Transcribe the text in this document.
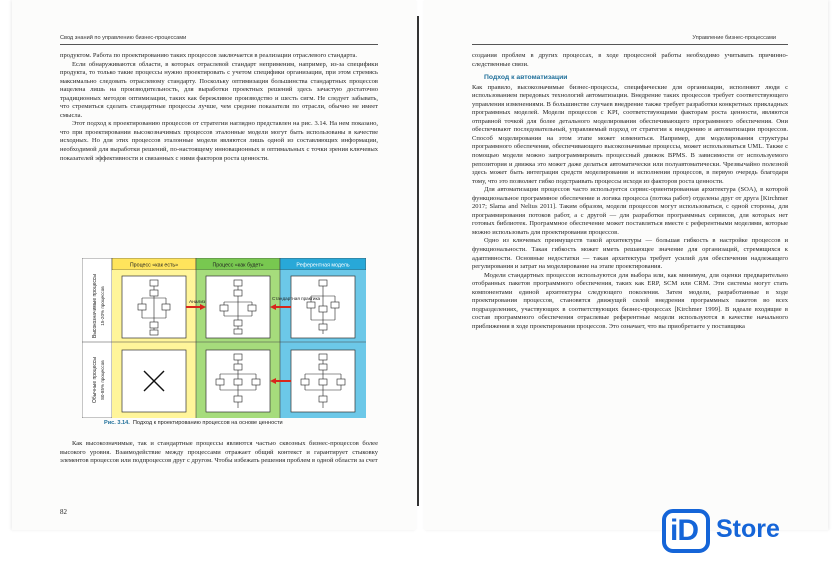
Свод знаний по управлению бизнес-процессами

продуктом. Работа по проектированию таких процессов заключается в реализации отраслевого стандарта.

Если обнаруживаются области, в которых отраслевой стандарт неприменим, например, из-за специфики продукта, то только такие процессы нужно проектировать с учетом специфики организации, при этом стремясь максимально следовать отраслевому стандарту. Поскольку оптимизация большинства стандартных процессов нацелена лишь на производительность, для выработки проектных решений здесь зачастую достаточно традиционных методов оптимизации, таких как бережливое производство и шесть сигм. Не следует забывать, что стремиться сделать стандартные процессы лучше, чем средние показатели по отрасли, обычно не имеет смысла.

Этот подход к проектированию процессов от стратегии наглядно представлен на рис. 3.14. На нем показано, что при проектировании высокозначимых процессов эталонные модели могут быть использованы в качестве исходных. Но для этих процессов эталонные модели являются лишь одной из составляющих информации, необходимой для выработки решений, по-настоящему инновационных и оптимальных с точки зрения ключевых показателей эффективности и связанных с ними факторов роста ценности.

Процесс «как есть»	Процесс «как будет»	Референтная модель
Высокозначимые процессы 15-20% процессов
Обычные процессы 80-85% процессов
Анализ
Стандартная практика
Рис. 3.14. Подход к проектированию процессов на основе ценности

Как высокозначимые, так и стандартные процессы являются частью сквозных бизнес-процессов более высокого уровня. Взаимодействие между процессами отражает общий контекст и гарантирует стыковку элементов процессов или подпроцессов друг с другом. Чтобы избежать решения проблем в одной области за счет

82
Управление бизнес-процессами

создания проблем в других процессах, в ходе процессной работы необходимо учитывать причинно-следственные связи.

Подход к автоматизации

Как правило, высокозначимые бизнес-процессы, специфические для организации, исполняют люди с использованием передовых технологий автоматизации. Внедрение таких процессов требует соответствующего управления изменениями. В большинстве случаев внедрение также требует разработки конкретных прикладных программных моделей. Модели процессов с KPI, соответствующими факторам роста ценности, являются отправной точкой для более детального моделирования обеспечивающего программного обеспечения. Они обеспечивают последовательный, управляемый подход от стратегии к внедрению и автоматизации процессов. Способ моделирования на этом этапе может измениться. Например, для моделирования структуры программного обеспечения, обеспечивающего высокозначимые процессы, может использоваться UML. Также с помощью модели можно запрограммировать процессный движок BPMS. В зависимости от используемого репозитория и движка это может даже делаться автоматически или полуавтоматически. Чрезвычайно полезной здесь может быть интеграция средств моделирования и исполнения процессов, в первую очередь благодаря тому, что это позволяет гибко подстраивать процессы исходя из факторов роста ценности.

Для автоматизации процессов часто используется сервис-ориентированная архитектура (SOA), в которой функциональное программное обеспечение и логика процесса (потока работ) отделены друг от друга [Kirchmer 2017; Slama and Nelius 2011]. Таким образом, модели процессов могут использоваться, с одной стороны, для программирования потоков работ, а с другой — для разработки программных сервисов, для которых нет готовых библиотек. Программное обеспечение может поставляться вместе с референтными моделями, которые можно использовать для проектирования процессов.

Одно из ключевых преимуществ такой архитектуры — большая гибкость в настройке процессов и функциональности. Такая гибкость может иметь решающее значение для организаций, стремящихся к адаптивности. Основные недостатки — такая архитектура требует усилий для обеспечения надлежащего регулирования и затрат на моделирование на этапе проектирования.

Модели стандартных процессов используются для выбора или, как минимум, для оценки предварительно отобранных пакетов программного обеспечения, таких как ERP, SCM или CRM. Эти системы могут стать компонентами единой архитектуры следующего поколения. Затем модели, разработанные в ходе проектирования процессов, становятся движущей силой внедрения программных пакетов во всех подразделениях, участвующих в соответствующих бизнес-процессах [Kirchmer 1999]. В идеале входящие в состав программного обеспечения отраслевые референтные модели используются в качестве начального приближения в ходе проектирования процессов. Это означает, что вы приобретаете у поставщика

iD Store
